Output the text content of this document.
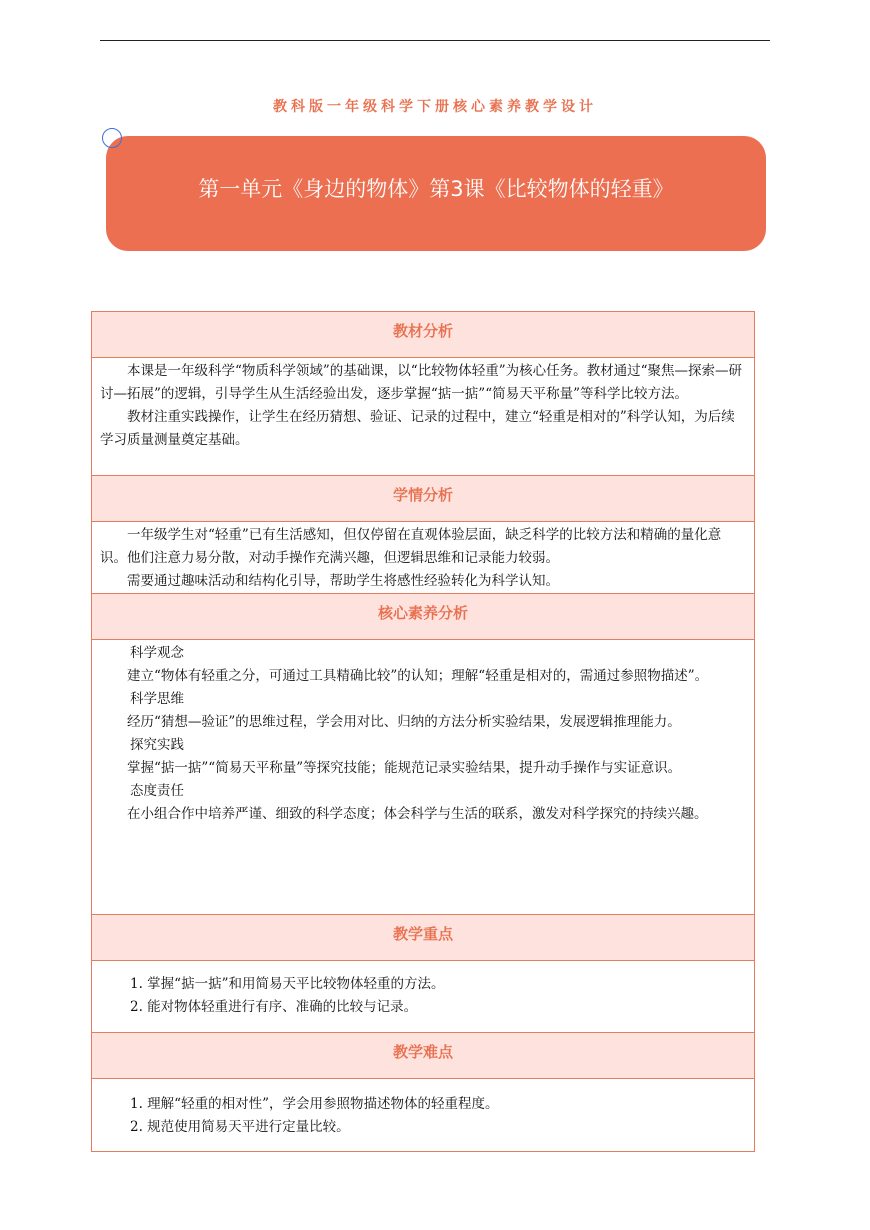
教科版一年级科学下册核心素养教学设计
第一单元《身边的物体》第3课《比较物体的轻重》
教材分析

本课是一年级科学“物质科学领域”的基础课，以“比较物体轻重”为核心任务。教材通过“聚焦—探索—研讨—拓展”的逻辑，引导学生从生活经验出发，逐步掌握“掂一掂”“简易天平称量”等科学比较方法。

教材注重实践操作，让学生在经历猜想、验证、记录的过程中，建立“轻重是相对的”科学认知，为后续学习质量测量奠定基础。

学情分析

一年级学生对“轻重”已有生活感知，但仅停留在直观体验层面，缺乏科学的比较方法和精确的量化意识。他们注意力易分散，对动手操作充满兴趣，但逻辑思维和记录能力较弱。

需要通过趣味活动和结构化引导，帮助学生将感性经验转化为科学认知。

核心素养分析

科学观念

建立“物体有轻重之分，可通过工具精确比较”的认知；理解“轻重是相对的，需通过参照物描述”。

科学思维

经历“猜想—验证”的思维过程，学会用对比、归纳的方法分析实验结果，发展逻辑推理能力。

探究实践

掌握“掂一掂”“简易天平称量”等探究技能；能规范记录实验结果，提升动手操作与实证意识。

态度责任

在小组合作中培养严谨、细致的科学态度；体会科学与生活的联系，激发对科学探究的持续兴趣。

教学重点

1. 掌握“掂一掂”和用简易天平比较物体轻重的方法。

2. 能对物体轻重进行有序、准确的比较与记录。

教学难点

1. 理解“轻重的相对性”，学会用参照物描述物体的轻重程度。

2. 规范使用简易天平进行定量比较。
